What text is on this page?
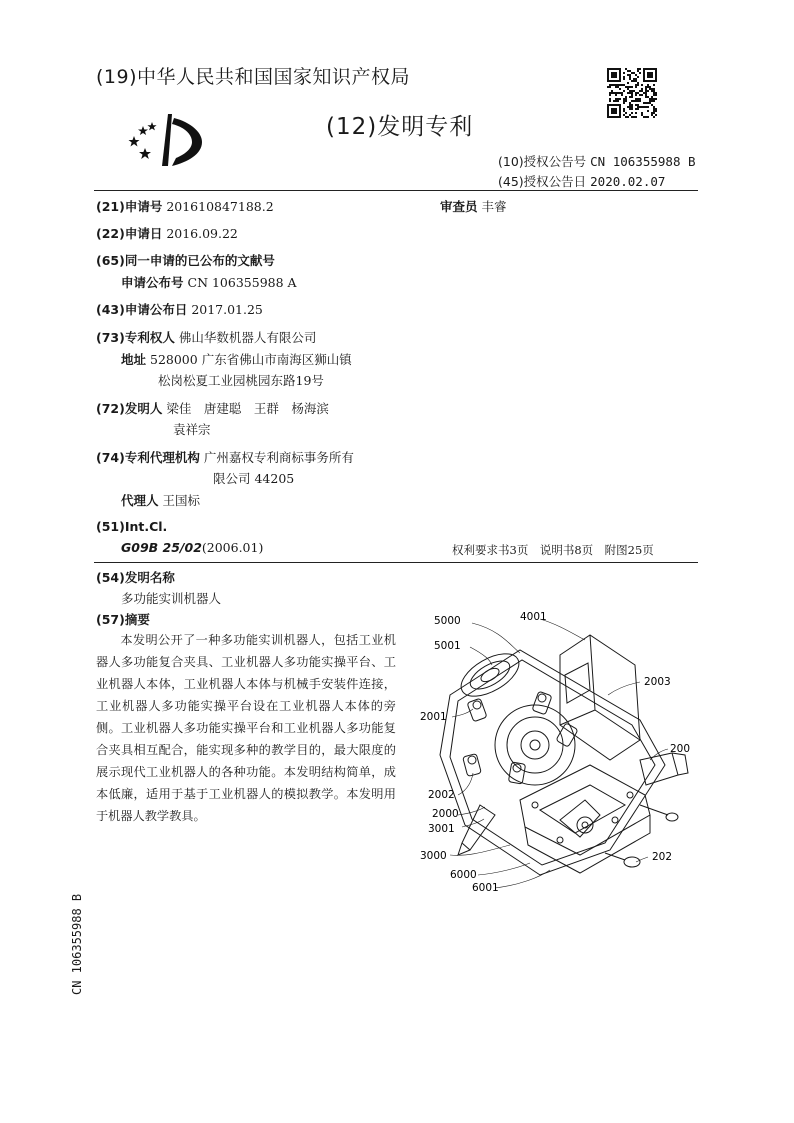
(19)中华人民共和国国家知识产权局
(12)发明专利
(10)授权公告号 CN 106355988 B
(45)授权公告日 2020.02.07
(21)申请号 201610847188.2	审查员 丰睿
(22)申请日 2016.09.22
(65)同一申请的已公布的文献号
申请公布号 CN 106355988 A
(43)申请公布日 2017.01.25
(73)专利权人 佛山华数机器人有限公司
地址 528000 广东省佛山市南海区狮山镇
松岗松夏工业园桃园东路19号
(72)发明人 梁佳　唐建聪　王群　杨海滨
袁祥宗
(74)专利代理机构 广州嘉权专利商标事务所有
限公司 44205
代理人 王国标
(51)Int.Cl.
G09B 25/02(2006.01)	权利要求书3页　说明书8页　附图25页
(54)发明名称
多功能实训机器人
(57)摘要

本发明公开了一种多功能实训机器人，包括工业机器人多功能复合夹具、工业机器人多功能实操平台、工业机器人本体，工业机器人本体与机械手安装件连接，工业机器人多功能实操平台设在工业机器人本体的旁侧。工业机器人多功能实操平台和工业机器人多功能复合夹具相互配合，能实现多种的教学目的，最大限度的展示现代工业机器人的各种功能。本发明结构简单，成本低廉，适用于基于工业机器人的模拟教学。本发明用于机器人教学教具。

5000	4001
5001
2003
2001
200
2002
2000
3001
3000	202
6000
6001
CN 106355988 B
